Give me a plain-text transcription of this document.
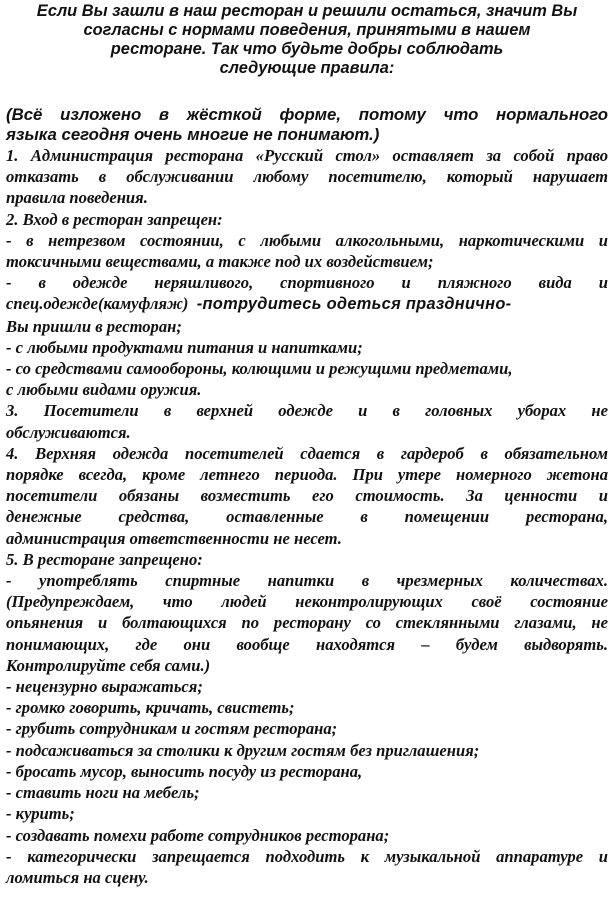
Если Вы зашли в наш ресторан и решили остаться, значит Вы
согласны с нормами поведения, принятыми в нашем
ресторане. Так что будьте добры соблюдать
следующие правила:
(Всё изложено в жёсткой форме, потому что нормального
языка сегодня очень многие не понимают.)
1. Администрация ресторана «Русский стол» оставляет за собой право
отказать в обслуживании любому посетителю, который нарушает
правила поведения.
2. Вход в ресторан запрещен:
- в нетрезвом состоянии, с любыми алкогольными, наркотическими и
токсичными веществами, а также под их воздействием;
- в одежде неряшливого, спортивного и пляжного вида и
спец.одежде(камуфляж) -потрудитесь одеться празднично-
Вы пришли в ресторан;
- с любыми продуктами питания и напитками;
- со средствами самообороны, колющими и режущими предметами,
с любыми видами оружия.
3. Посетители в верхней одежде и в головных уборах не
обслуживаются.
4. Верхняя одежда посетителей сдается в гардероб в обязательном
порядке всегда, кроме летнего периода. При утере номерного жетона
посетители обязаны возместить его стоимость. За ценности и
денежные средства, оставленные в помещении ресторана,
администрация ответственности не несет.
5. В ресторане запрещено:
- употреблять спиртные напитки в чрезмерных количествах.
(Предупреждаем, что людей неконтролирующих своё состояние
опьянения и болтающихся по ресторану со стеклянными глазами, не
понимающих, где они вообще находятся – будем выдворять.
Контролируйте себя сами.)
- нецензурно выражаться;
- громко говорить, кричать, свистеть;
- грубить сотрудникам и гостям ресторана;
- подсаживаться за столики к другим гостям без приглашения;
- бросать мусор, выносить посуду из ресторана,
- ставить ноги на мебель;
- курить;
- создавать помехи работе сотрудников ресторана;
- категорически запрещается подходить к музыкальной аппаратуре и
ломиться на сцену.
